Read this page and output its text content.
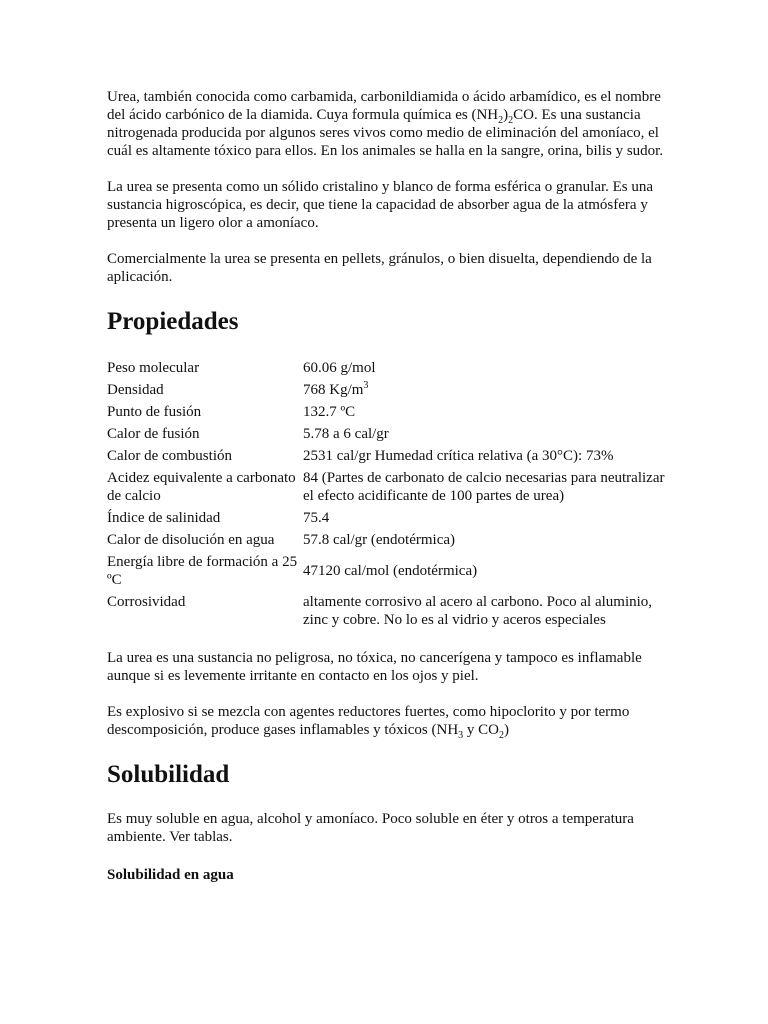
Urea, también conocida como carbamida, carbonildiamida o ácido arbamídico, es el nombre del ácido carbónico de la diamida. Cuya formula química es $(NH_2)_2CO$. Es una sustancia nitrogenada producida por algunos seres vivos como medio de eliminación del amoníaco, el cuál es altamente tóxico para ellos. En los animales se halla en la sangre, orina, bilis y sudor.

La urea se presenta como un sólido cristalino y blanco de forma esférica o granular. Es una sustancia higroscópica, es decir, que tiene la capacidad de absorber agua de la atmósfera y presenta un ligero olor a amoníaco.

Comercialmente la urea se presenta en pellets, gránulos, o bien disuelta, dependiendo de la aplicación.

Propiedades
Peso molecular	60.06 g/mol
Densidad	768 $Kg/m^3$
Punto de fusión	132.7 ºC
Calor de fusión	5.78 a 6 cal/gr
Calor de combustión	2531 cal/gr Humedad crítica relativa (a 30°C): 73%
Acidez equivalente a carbonato de calcio	84 (Partes de carbonato de calcio necesarias para neutralizar el efecto acidificante de 100 partes de urea)
Índice de salinidad	75.4
Calor de disolución en agua	57.8 cal/gr (endotérmica)
Energía libre de formación a 25 ºC	47120 cal/mol (endotérmica)
Corrosividad	altamente corrosivo al acero al carbono. Poco al aluminio, zinc y cobre. No lo es al vidrio y aceros especiales

La urea es una sustancia no peligrosa, no tóxica, no cancerígena y tampoco es inflamable aunque si es levemente irritante en contacto en los ojos y piel.

Es explosivo si se mezcla con agentes reductores fuertes, como hipoclorito y por termo descomposición, produce gases inflamables y tóxicos ($NH_3$ y $CO_2$)

Solubilidad

Es muy soluble en agua, alcohol y amoníaco. Poco soluble en éter y otros a temperatura ambiente. Ver tablas.

Solubilidad en agua
